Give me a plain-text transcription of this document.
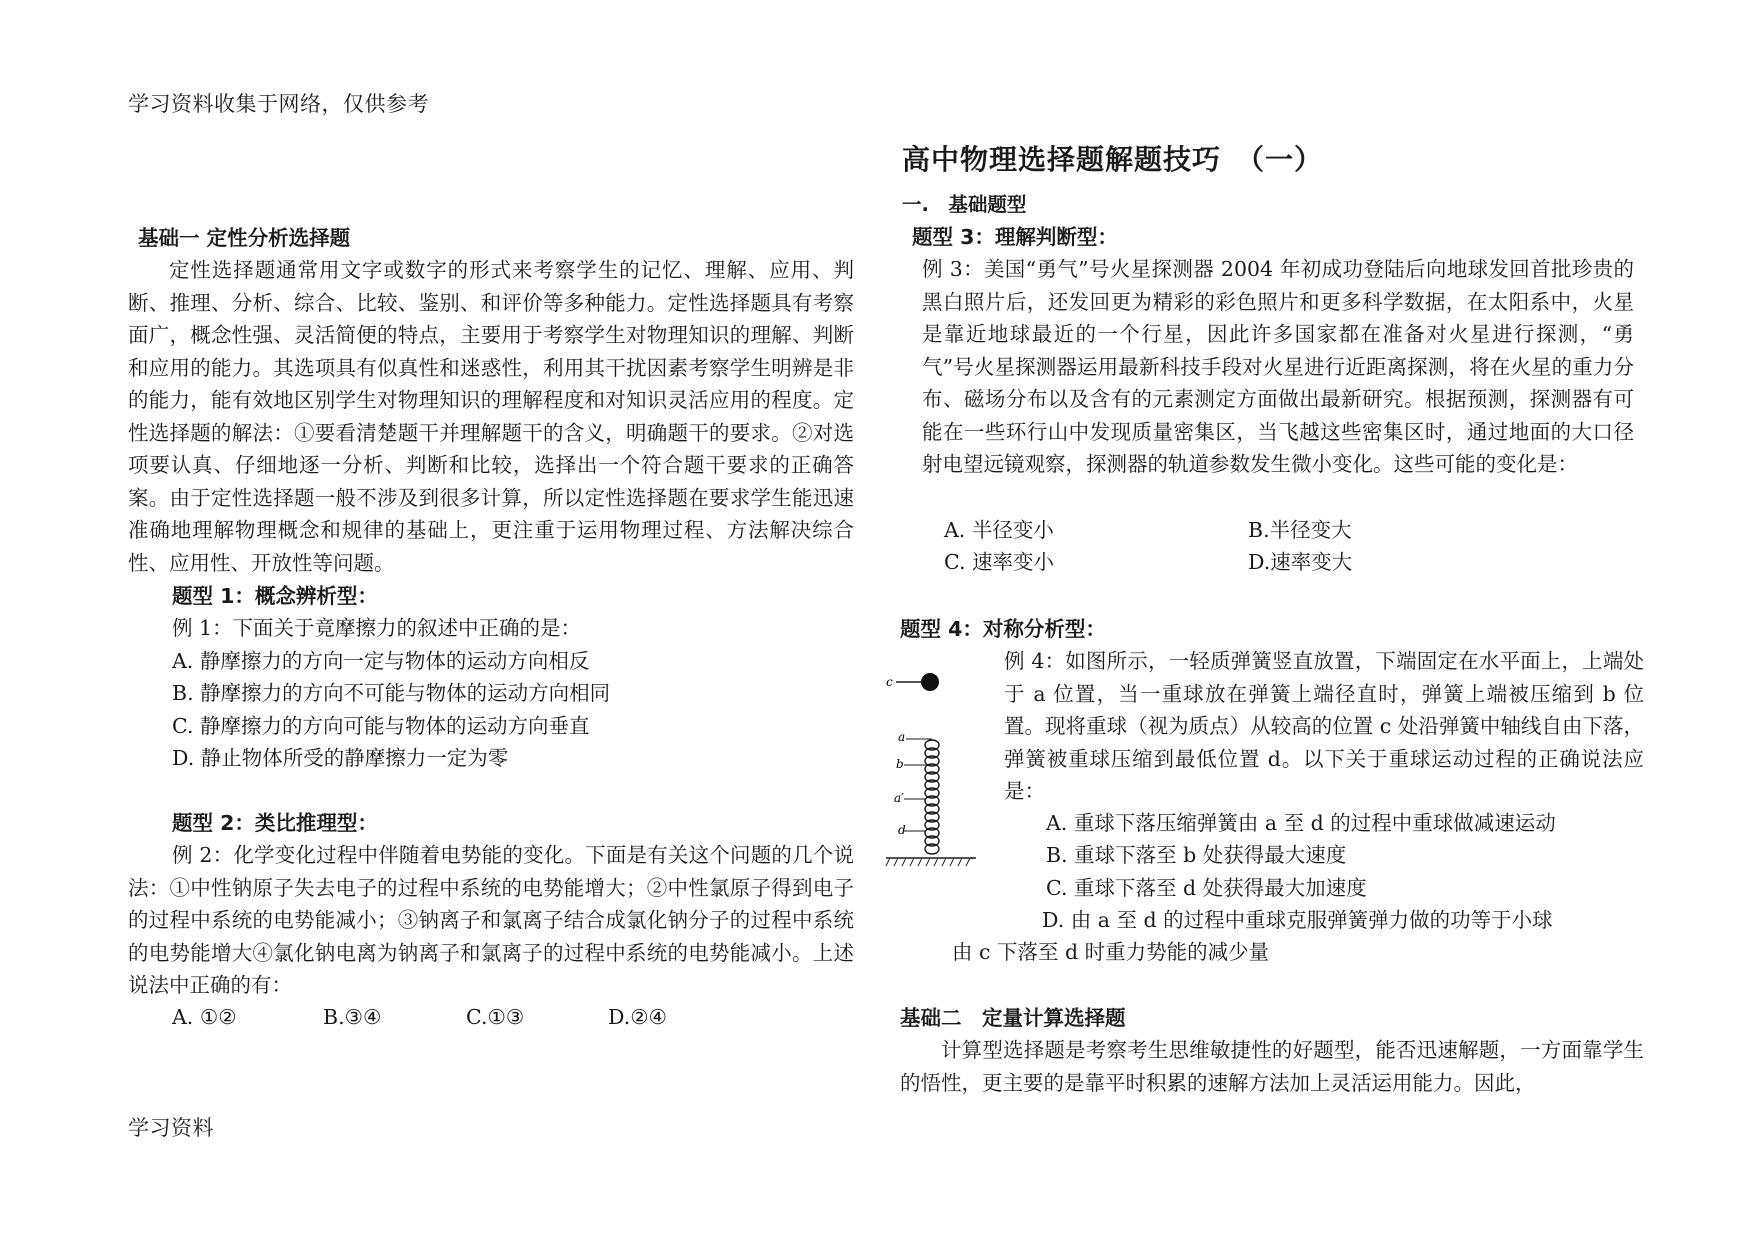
学习资料收集于网络，仅供参考
学习资料
基础一 定性分析选择题
定性选择题通常用文字或数字的形式来考察学生的记忆、理解、应用、判断、推理、分析、综合、比较、鉴别、和评价等多种能力。定性选择题具有考察面广，概念性强、灵活简便的特点，主要用于考察学生对物理知识的理解、判断和应用的能力。其选项具有似真性和迷惑性，利用其干扰因素考察学生明辨是非的能力，能有效地区别学生对物理知识的理解程度和对知识灵活应用的程度。定性选择题的解法：①要看清楚题干并理解题干的含义，明确题干的要求。②对选项要认真、仔细地逐一分析、判断和比较，选择出一个符合题干要求的正确答案。由于定性选择题一般不涉及到很多计算，所以定性选择题在要求学生能迅速准确地理解物理概念和规律的基础上，更注重于运用物理过程、方法解决综合性、应用性、开放性等问题。
题型 1：概念辨析型：
例 1：下面关于竟摩擦力的叙述中正确的是：
A. 静摩擦力的方向一定与物体的运动方向相反
B. 静摩擦力的方向不可能与物体的运动方向相同
C. 静摩擦力的方向可能与物体的运动方向垂直
D. 静止物体所受的静摩擦力一定为零
题型 2：类比推理型：
例 2：化学变化过程中伴随着电势能的变化。下面是有关这个问题的几个说法：①中性钠原子失去电子的过程中系统的电势能增大；②中性氯原子得到电子的过程中系统的电势能减小；③钠离子和氯离子结合成氯化钠分子的过程中系统的电势能增大④氯化钠电离为钠离子和氯离子的过程中系统的电势能减小。上述说法中正确的有：
A. ①②	B.③④	C.①③	D.②④
高中物理选择题解题技巧　（一）
一.　基础题型
题型 3：理解判断型：
例 3：美国“勇气”号火星探测器 2004 年初成功登陆后向地球发回首批珍贵的黑白照片后，还发回更为精彩的彩色照片和更多科学数据，在太阳系中，火星是靠近地球最近的一个行星，因此许多国家都在准备对火星进行探测，“勇气”号火星探测器运用最新科技手段对火星进行近距离探测，将在火星的重力分布、磁场分布以及含有的元素测定方面做出最新研究。根据预测，探测器有可能在一些环行山中发现质量密集区，当飞越这些密集区时，通过地面的大口径射电望远镜观察，探测器的轨道参数发生微小变化。这些可能的变化是：
A. 半径变小	B.半径变大
C. 速率变小	D.速率变大
题型 4：对称分析型：
例 4：如图所示，一轻质弹簧竖直放置，下端固定在水平面上，上端处于 a 位置，当一重球放在弹簧上端径直时，弹簧上端被压缩到 b 位置。现将重球（视为质点）从较高的位置 c 处沿弹簧中轴线自由下落，弹簧被重球压缩到最低位置 d。以下关于重球运动过程的正确说法应是：
c
a
b
a′
d	A. 重球下落压缩弹簧由 a 至 d 的过程中重球做减速运动
B. 重球下落至 b 处获得最大速度
C. 重球下落至 d 处获得最大加速度
D. 由 a 至 d 的过程中重球克服弹簧弹力做的功等于小球
由 c 下落至 d 时重力势能的减少量
基础二　定量计算选择题
计算型选择题是考察考生思维敏捷性的好题型，能否迅速解题，一方面靠学生的悟性，更主要的是靠平时积累的速解方法加上灵活运用能力。因此，
